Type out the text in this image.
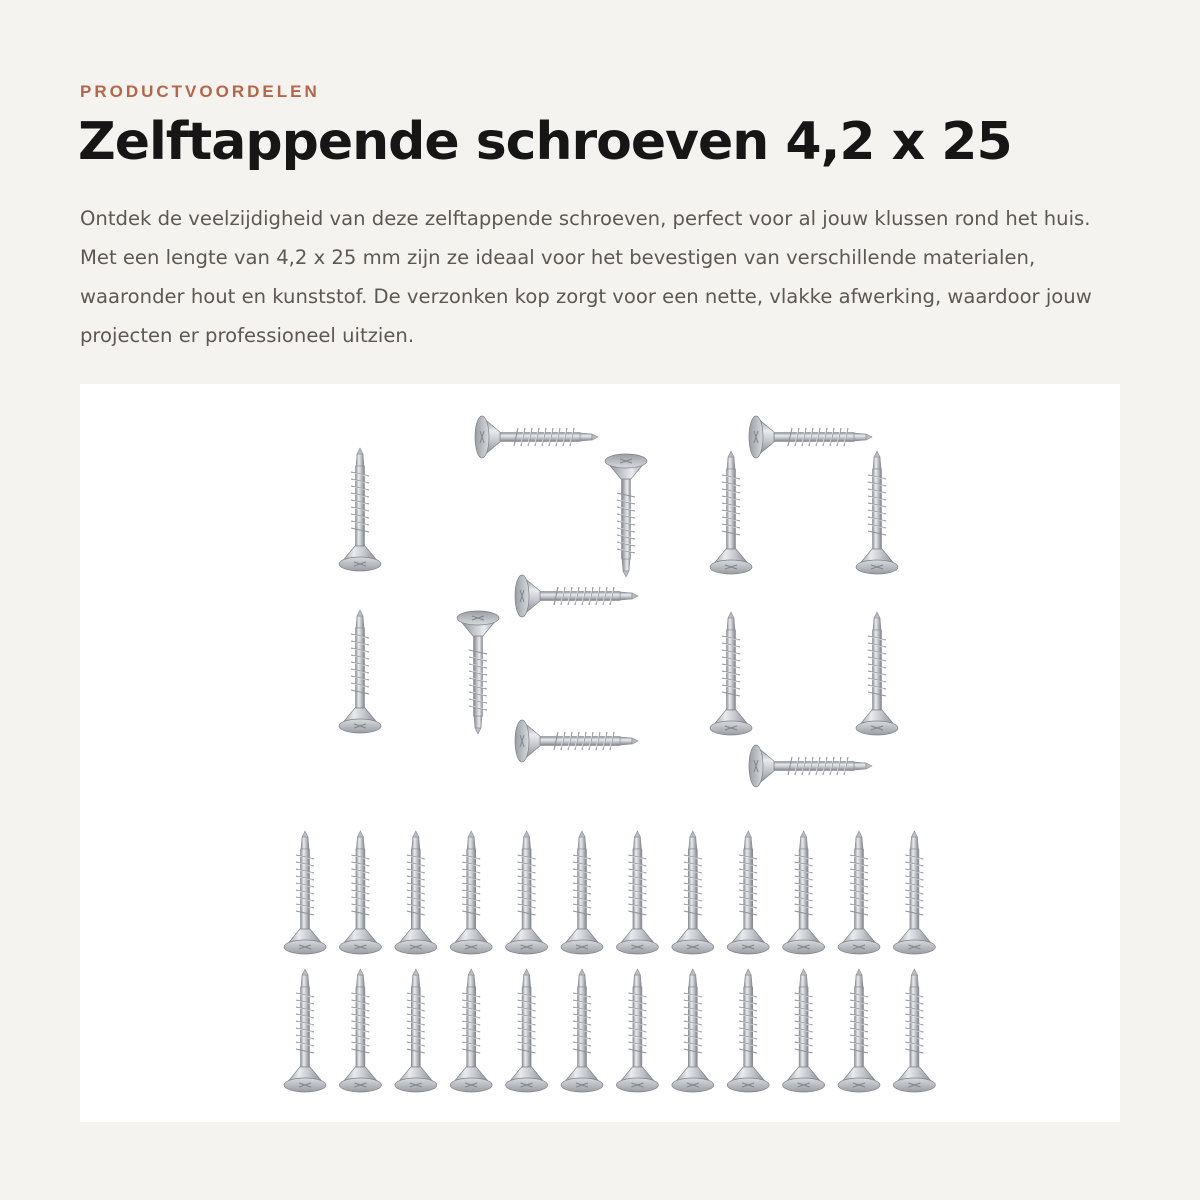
PRODUCTVOORDELEN
Zelftappende schroeven 4,2 x 25

Ontdek de veelzijdigheid van deze zelftappende schroeven, perfect voor al jouw klussen rond het huis. Met een lengte van 4,2 x 25 mm zijn ze ideaal voor het bevestigen van verschillende materialen, waaronder hout en kunststof. De verzonken kop zorgt voor een nette, vlakke afwerking, waardoor jouw projecten er professioneel uitzien.
